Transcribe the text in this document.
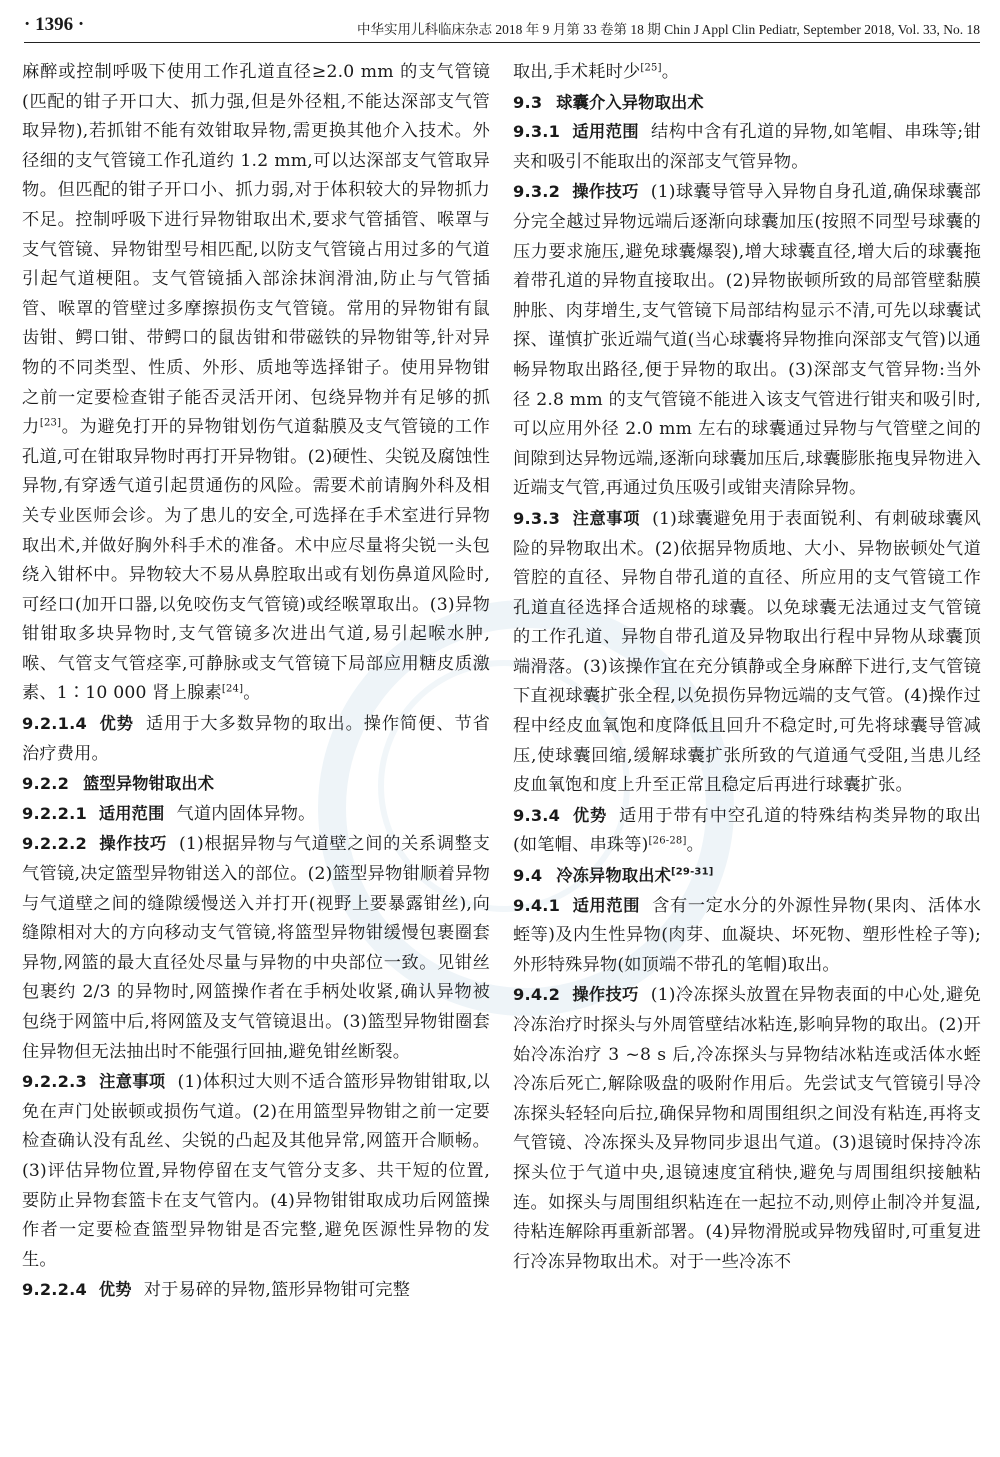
· 1396 ·	中华实用儿科临床杂志 2018 年 9 月第 33 卷第 18 期 Chin J Appl Clin Pediatr, September 2018, Vol. 33, No. 18

麻醉或控制呼吸下使用工作孔道直径≥2.0 mm 的支气管镜(匹配的钳子开口大、抓力强,但是外径粗,不能达深部支气管取异物),若抓钳不能有效钳取异物,需更换其他介入技术。外径细的支气管镜工作孔道约 1.2 mm,可以达深部支气管取异物。但匹配的钳子开口小、抓力弱,对于体积较大的异物抓力不足。控制呼吸下进行异物钳取出术,要求气管插管、喉罩与支气管镜、异物钳型号相匹配,以防支气管镜占用过多的气道引起气道梗阻。支气管镜插入部涂抹润滑油,防止与气管插管、喉罩的管壁过多摩擦损伤支气管镜。常用的异物钳有鼠齿钳、鳄口钳、带鳄口的鼠齿钳和带磁铁的异物钳等,针对异物的不同类型、性质、外形、质地等选择钳子。使用异物钳之前一定要检查钳子能否灵活开闭、包绕异物并有足够的抓力[23]。为避免打开的异物钳划伤气道黏膜及支气管镜的工作孔道,可在钳取异物时再打开异物钳。(2)硬性、尖锐及腐蚀性异物,有穿透气道引起贯通伤的风险。需要术前请胸外科及相关专业医师会诊。为了患儿的安全,可选择在手术室进行异物取出术,并做好胸外科手术的准备。术中应尽量将尖锐一头包绕入钳杯中。异物较大不易从鼻腔取出或有划伤鼻道风险时,可经口(加开口器,以免咬伤支气管镜)或经喉罩取出。(3)异物钳钳取多块异物时,支气管镜多次进出气道,易引起喉水肿,喉、气管支气管痉挛,可静脉或支气管镜下局部应用糖皮质激素、1∶10 000 肾上腺素[24]。

9.2.1.4 优势 适用于大多数异物的取出。操作简便、节省治疗费用。

9.2.2 篮型异物钳取出术

9.2.2.1 适用范围 气道内固体异物。

9.2.2.2 操作技巧 (1)根据异物与气道壁之间的关系调整支气管镜,决定篮型异物钳送入的部位。(2)篮型异物钳顺着异物与气道壁之间的缝隙缓慢送入并打开(视野上要暴露钳丝),向缝隙相对大的方向移动支气管镜,将篮型异物钳缓慢包裹圈套异物,网篮的最大直径处尽量与异物的中央部位一致。见钳丝包裹约 2/3 的异物时,网篮操作者在手柄处收紧,确认异物被包绕于网篮中后,将网篮及支气管镜退出。(3)篮型异物钳圈套住异物但无法抽出时不能强行回抽,避免钳丝断裂。

9.2.2.3 注意事项 (1)体积过大则不适合篮形异物钳钳取,以免在声门处嵌顿或损伤气道。(2)在用篮型异物钳之前一定要检查确认没有乱丝、尖锐的凸起及其他异常,网篮开合顺畅。(3)评估异物位置,异物停留在支气管分支多、共干短的位置,要防止异物套篮卡在支气管内。(4)异物钳钳取成功后网篮操作者一定要检查篮型异物钳是否完整,避免医源性异物的发生。

9.2.2.4 优势 对于易碎的异物,篮形异物钳可完整

取出,手术耗时少[25]。

9.3 球囊介入异物取出术

9.3.1 适用范围 结构中含有孔道的异物,如笔帽、串珠等;钳夹和吸引不能取出的深部支气管异物。

9.3.2 操作技巧 (1)球囊导管导入异物自身孔道,确保球囊部分完全越过异物远端后逐渐向球囊加压(按照不同型号球囊的压力要求施压,避免球囊爆裂),增大球囊直径,增大后的球囊拖着带孔道的异物直接取出。(2)异物嵌顿所致的局部管壁黏膜肿胀、肉芽增生,支气管镜下局部结构显示不清,可先以球囊试探、谨慎扩张近端气道(当心球囊将异物推向深部支气管)以通畅异物取出路径,便于异物的取出。(3)深部支气管异物:当外径 2.8 mm 的支气管镜不能进入该支气管进行钳夹和吸引时,可以应用外径 2.0 mm 左右的球囊通过异物与气管壁之间的间隙到达异物远端,逐渐向球囊加压后,球囊膨胀拖曳异物进入近端支气管,再通过负压吸引或钳夹清除异物。

9.3.3 注意事项 (1)球囊避免用于表面锐利、有刺破球囊风险的异物取出术。(2)依据异物质地、大小、异物嵌顿处气道管腔的直径、异物自带孔道的直径、所应用的支气管镜工作孔道直径选择合适规格的球囊。以免球囊无法通过支气管镜的工作孔道、异物自带孔道及异物取出行程中异物从球囊顶端滑落。(3)该操作宜在充分镇静或全身麻醉下进行,支气管镜下直视球囊扩张全程,以免损伤异物远端的支气管。(4)操作过程中经皮血氧饱和度降低且回升不稳定时,可先将球囊导管减压,使球囊回缩,缓解球囊扩张所致的气道通气受阻,当患儿经皮血氧饱和度上升至正常且稳定后再进行球囊扩张。

9.3.4 优势 适用于带有中空孔道的特殊结构类异物的取出(如笔帽、串珠等)[26-28]。

9.4 冷冻异物取出术[29-31]

9.4.1 适用范围 含有一定水分的外源性异物(果肉、活体水蛭等)及内生性异物(肉芽、血凝块、坏死物、塑形性栓子等);外形特殊异物(如顶端不带孔的笔帽)取出。

9.4.2 操作技巧 (1)冷冻探头放置在异物表面的中心处,避免冷冻治疗时探头与外周管壁结冰粘连,影响异物的取出。(2)开始冷冻治疗 3 ~8 s 后,冷冻探头与异物结冰粘连或活体水蛭冷冻后死亡,解除吸盘的吸附作用后。先尝试支气管镜引导冷冻探头轻轻向后拉,确保异物和周围组织之间没有粘连,再将支气管镜、冷冻探头及异物同步退出气道。(3)退镜时保持冷冻探头位于气道中央,退镜速度宜稍快,避免与周围组织接触粘连。如探头与周围组织粘连在一起拉不动,则停止制冷并复温,待粘连解除再重新部署。(4)异物滑脱或异物残留时,可重复进行冷冻异物取出术。对于一些冷冻不
